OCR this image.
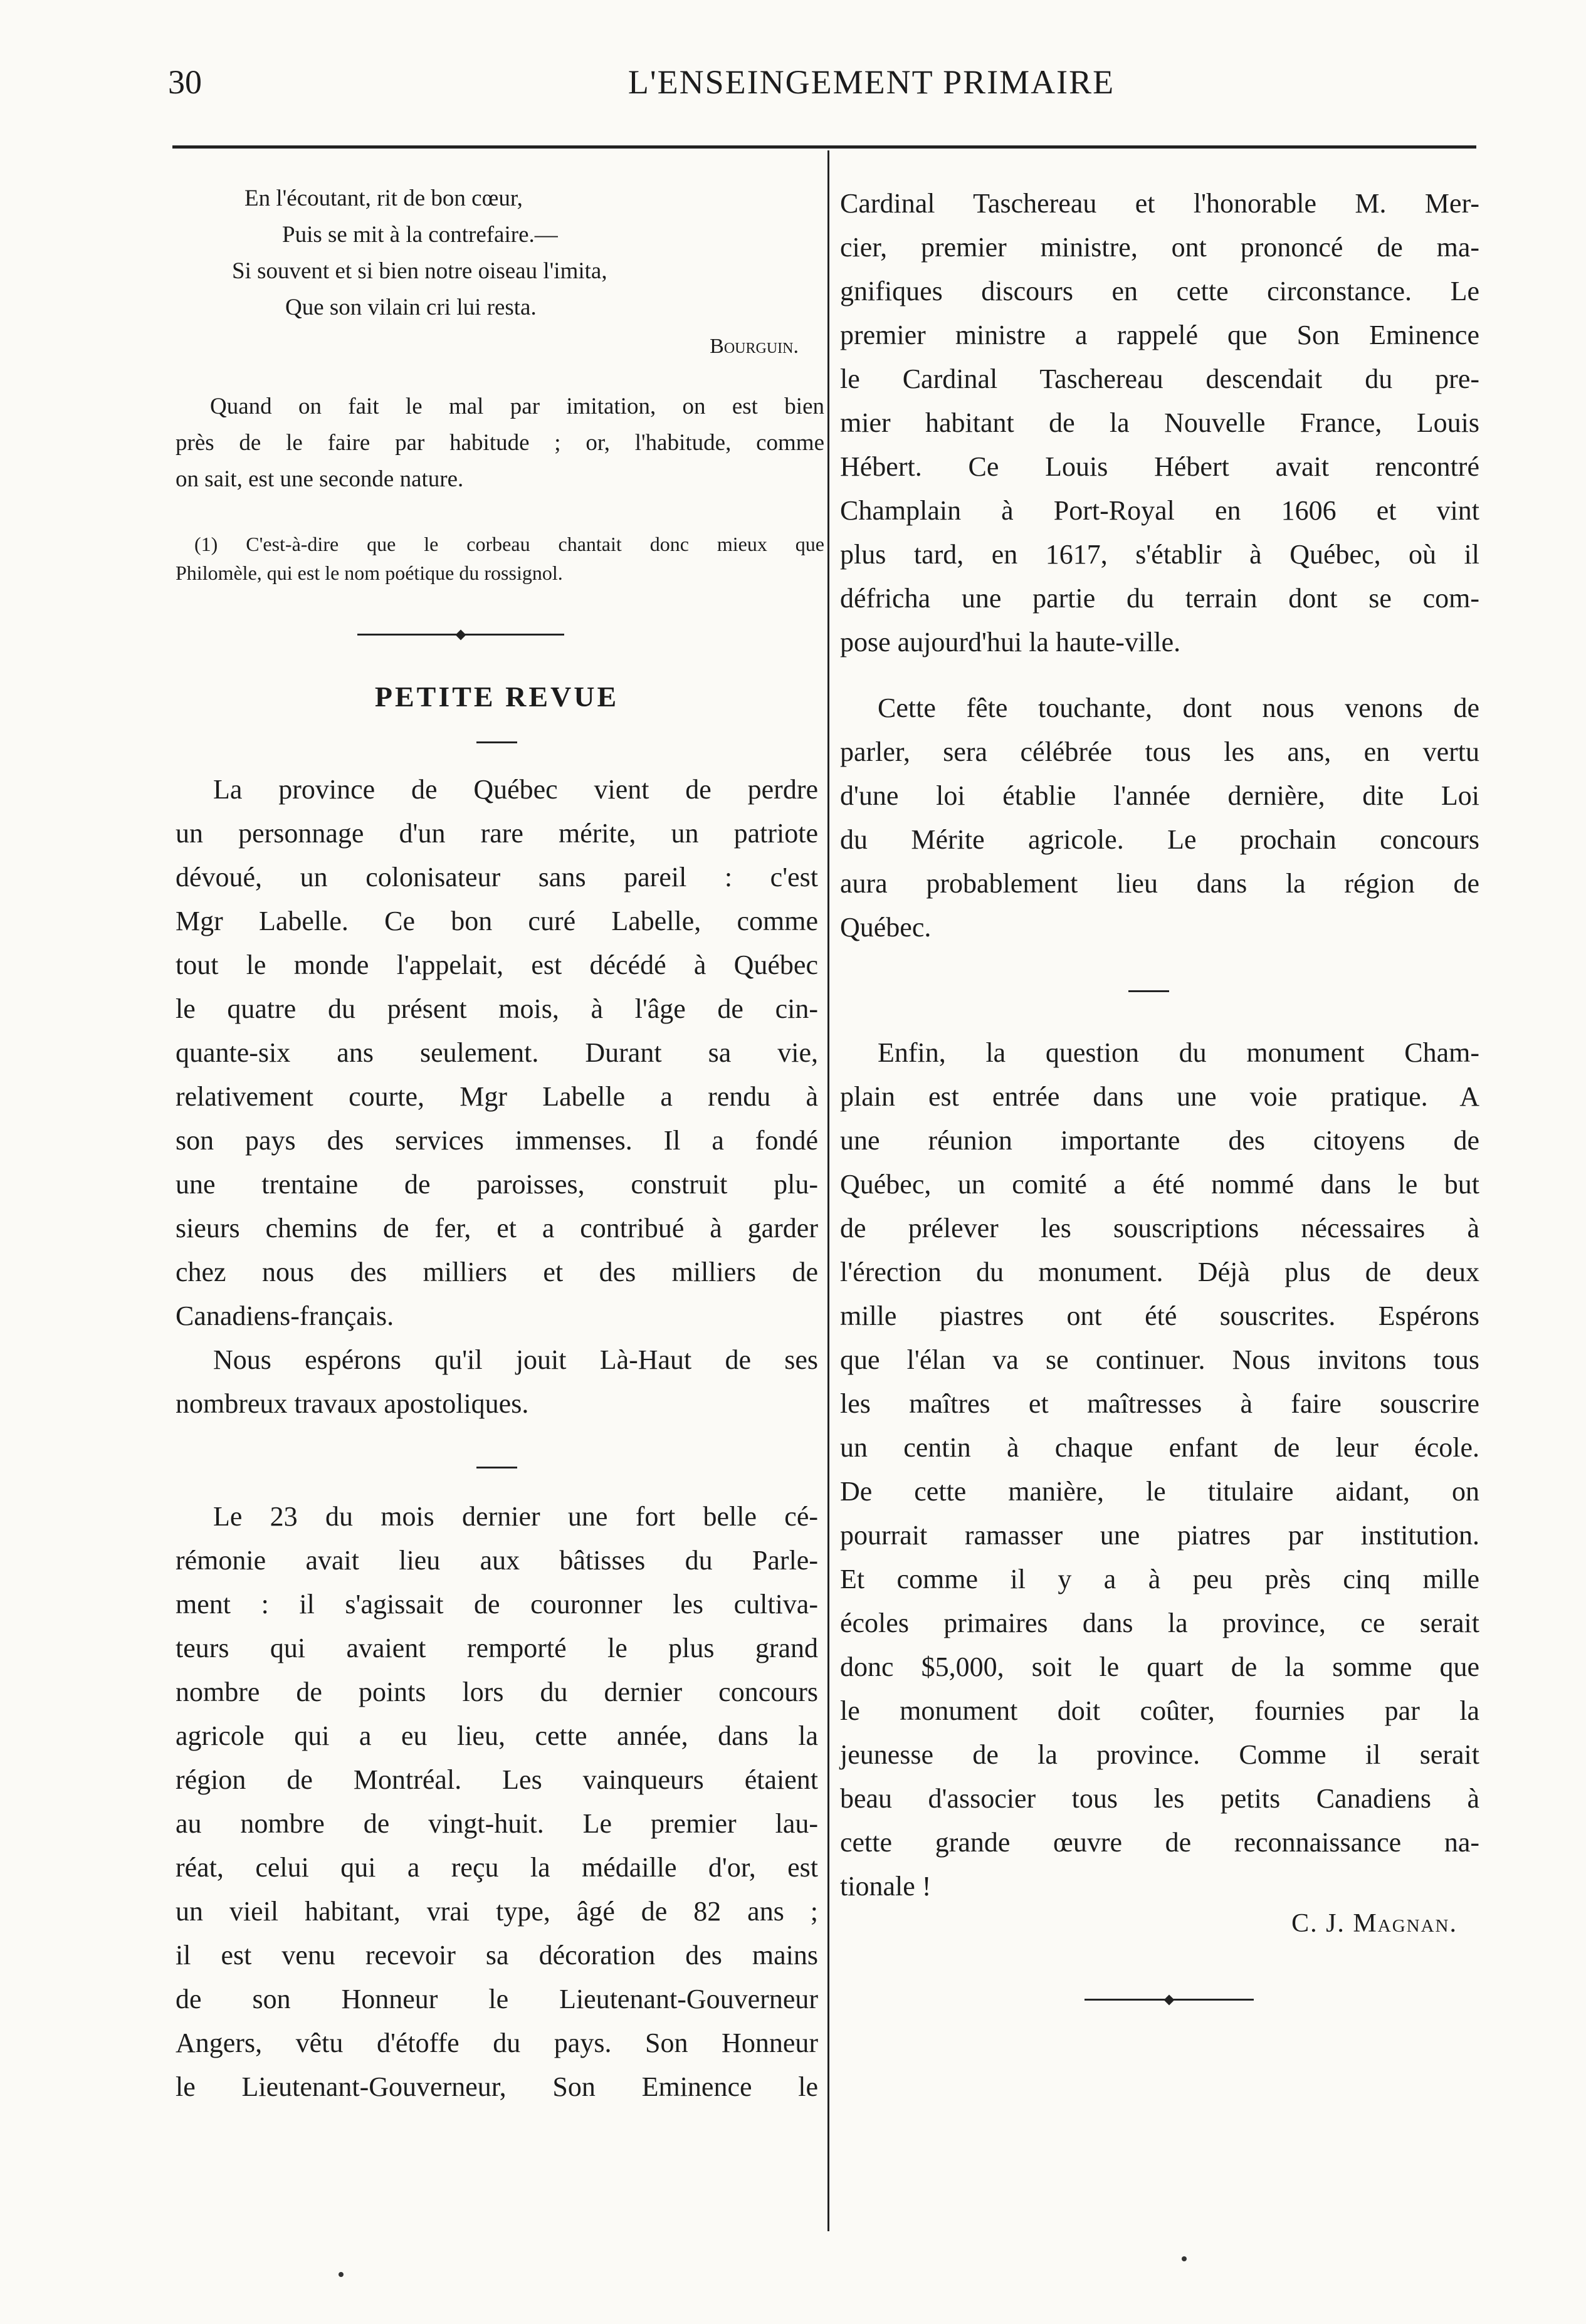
30	L'ENSEINGEMENT PRIMAIRE
En l'écoutant, rit de bon cœur,
Puis se mit à la contrefaire.—
Si souvent et si bien notre oiseau l'imita,
Que son vilain cri lui resta.
Bourguin.
Quand on fait le mal par imitation, on est bien
près de le faire par habitude ; or, l'habitude, comme
on sait, est une seconde nature.
(1) C'est-à-dire que le corbeau chantait donc mieux que
Philomèle, qui est le nom poétique du rossignol.
PETITE REVUE
La province de Québec vient de perdre
un personnage d'un rare mérite, un patriote
dévoué, un colonisateur sans pareil : c'est
Mgr Labelle. Ce bon curé Labelle, comme
tout le monde l'appelait, est décédé à Québec
le quatre du présent mois, à l'âge de cin-
quante-six ans seulement. Durant sa vie,
relativement courte, Mgr Labelle a rendu à
son pays des services immenses. Il a fondé
une trentaine de paroisses, construit plu-
sieurs chemins de fer, et a contribué à garder
chez nous des milliers et des milliers de
Canadiens-français.
Nous espérons qu'il jouit Là-Haut de ses
nombreux travaux apostoliques.
Le 23 du mois dernier une fort belle cé-
rémonie avait lieu aux bâtisses du Parle-
ment : il s'agissait de couronner les cultiva-
teurs qui avaient remporté le plus grand
nombre de points lors du dernier concours
agricole qui a eu lieu, cette année, dans la
région de Montréal. Les vainqueurs étaient
au nombre de vingt-huit. Le premier lau-
réat, celui qui a reçu la médaille d'or, est
un vieil habitant, vrai type, âgé de 82 ans ;
il est venu recevoir sa décoration des mains
de son Honneur le Lieutenant-Gouverneur
Angers, vêtu d'étoffe du pays. Son Honneur
le Lieutenant-Gouverneur, Son Eminence le
Cardinal Taschereau et l'honorable M. Mer-
cier, premier ministre, ont prononcé de ma-
gnifiques discours en cette circonstance. Le
premier ministre a rappelé que Son Eminence
le Cardinal Taschereau descendait du pre-
mier habitant de la Nouvelle France, Louis
Hébert. Ce Louis Hébert avait rencontré
Champlain à Port-Royal en 1606 et vint
plus tard, en 1617, s'établir à Québec, où il
défricha une partie du terrain dont se com-
pose aujourd'hui la haute-ville.
Cette fête touchante, dont nous venons de
parler, sera célébrée tous les ans, en vertu
d'une loi établie l'année dernière, dite Loi
du Mérite agricole. Le prochain concours
aura probablement lieu dans la région de
Québec.
Enfin, la question du monument Cham-
plain est entrée dans une voie pratique. A
une réunion importante des citoyens de
Québec, un comité a été nommé dans le but
de prélever les souscriptions nécessaires à
l'érection du monument. Déjà plus de deux
mille piastres ont été souscrites. Espérons
que l'élan va se continuer. Nous invitons tous
les maîtres et maîtresses à faire souscrire
un centin à chaque enfant de leur école.
De cette manière, le titulaire aidant, on
pourrait ramasser une piatres par institution.
Et comme il y a à peu près cinq mille
écoles primaires dans la province, ce serait
donc $5,000, soit le quart de la somme que
le monument doit coûter, fournies par la
jeunesse de la province. Comme il serait
beau d'associer tous les petits Canadiens à
cette grande œuvre de reconnaissance na-
tionale !
C. J. Magnan.
